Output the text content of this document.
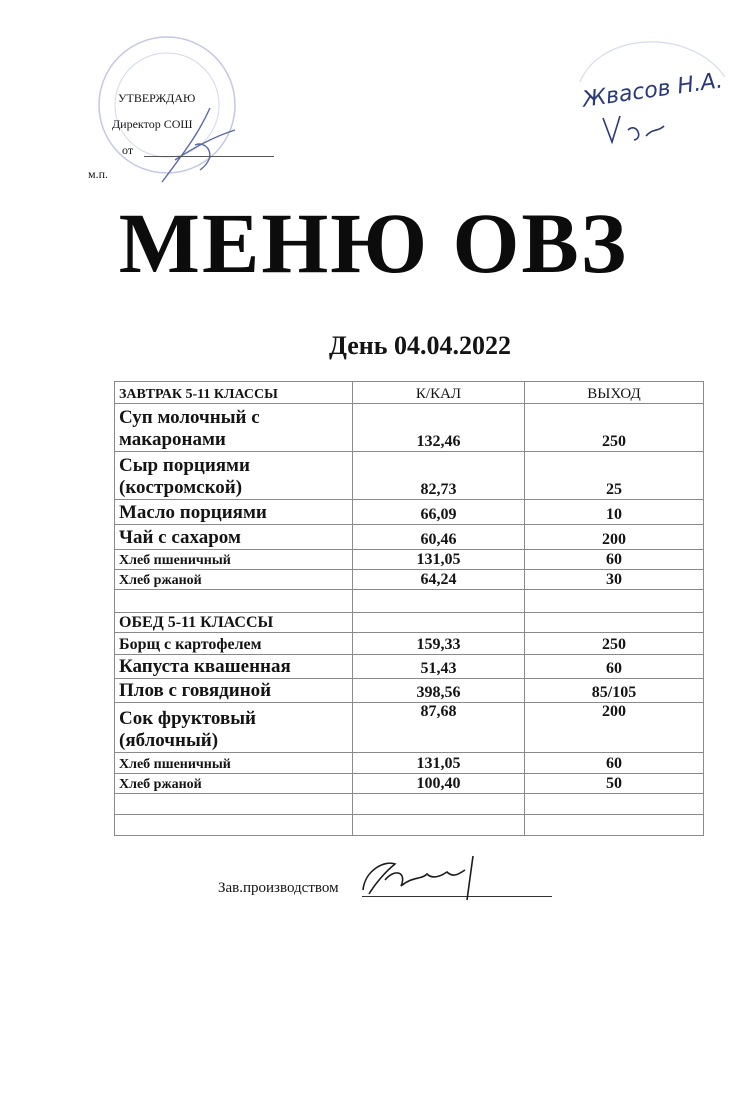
УТВЕРЖДАЮ
Директор СОШ
от
м.п.
Жвасов Н.А.
МЕНЮ ОВЗ
День 04.04.2022
ЗАВТРАК 5-11 КЛАССЫ	К/КАЛ	ВЫХОД
Суп молочный с макаронами	132,46	250
Сыр порциями (костромской)	82,73	25
Масло порциями	66,09	10
Чай с сахаром	60,46	200
Хлеб пшеничный	131,05	60
Хлеб ржаной	64,24	30

ОБЕД 5-11 КЛАССЫ		
Борщ с картофелем	159,33	250
Капуста квашенная	51,43	60
Плов с говядиной	398,56	85/105
Сок фруктовый (яблочный)	87,68	200
Хлеб пшеничный	131,05	60
Хлеб ржаной	100,40	50

Зав.производством
